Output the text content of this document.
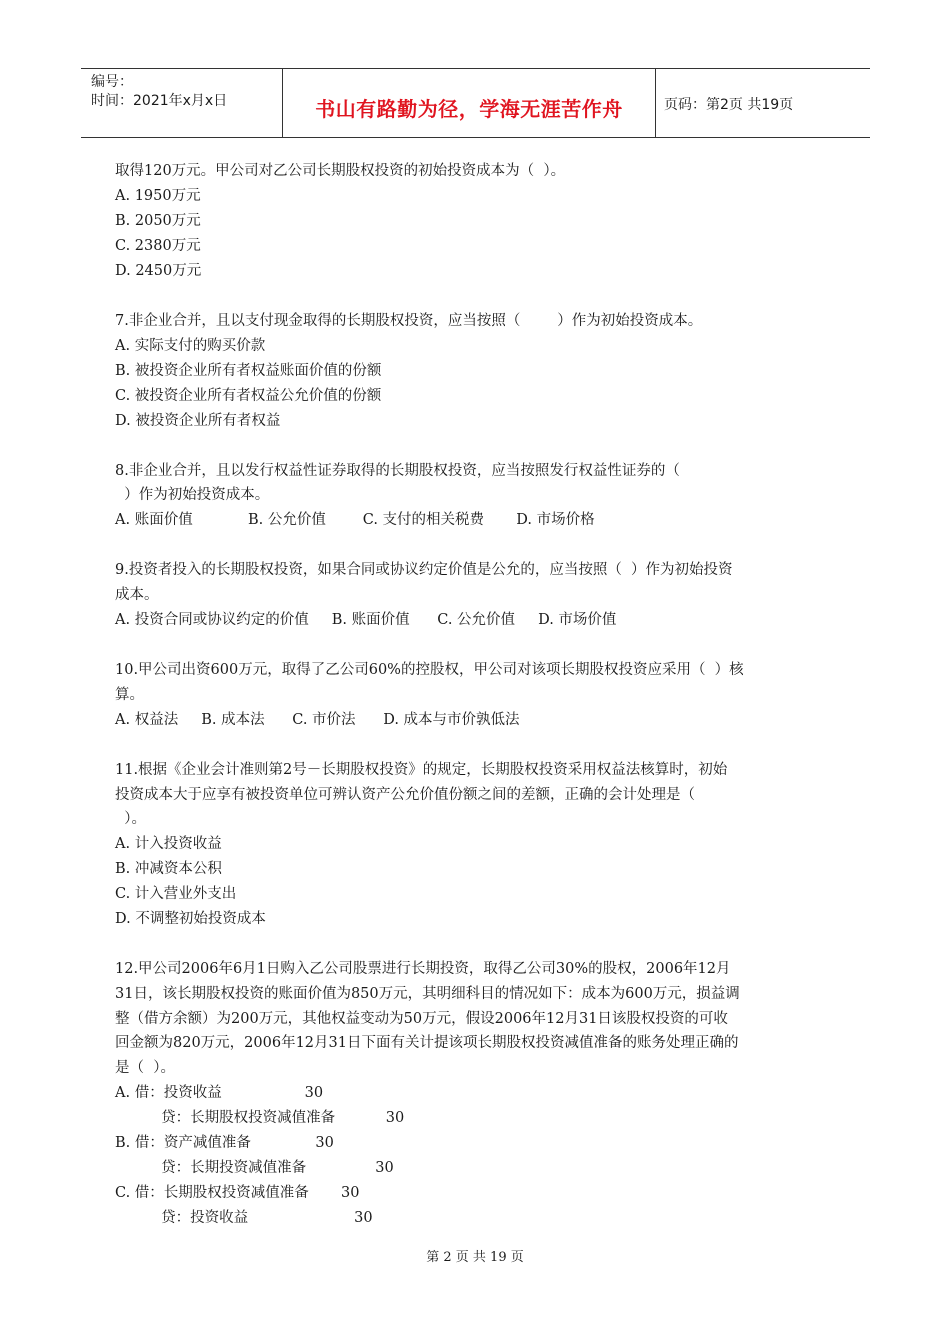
编号：
时间：2021年x月x日	书山有路勤为径，学海无涯苦作舟	页码：第2页 共19页
取得120万元。甲公司对乙公司长期股权投资的初始投资成本为（  ）。
A. 1950万元
B. 2050万元
C. 2380万元
D. 2450万元
7.非企业合并，且以支付现金取得的长期股权投资，应当按照（        ）作为初始投资成本。
A. 实际支付的购买价款
B. 被投资企业所有者权益账面价值的份额
C. 被投资企业所有者权益公允价值的份额
D. 被投资企业所有者权益
8.非企业合并，且以发行权益性证券取得的长期股权投资，应当按照发行权益性证券的（
）作为初始投资成本。
A. 账面价值            B. 公允价值        C. 支付的相关税费       D. 市场价格
9.投资者投入的长期股权投资，如果合同或协议约定价值是公允的，应当按照（  ）作为初始投资
成本。
A. 投资合同或协议约定的价值     B. 账面价值      C. 公允价值     D. 市场价值
10.甲公司出资600万元，取得了乙公司60%的控股权，甲公司对该项长期股权投资应采用（  ）核
算。
A. 权益法     B. 成本法      C. 市价法      D. 成本与市价孰低法
11.根据《企业会计准则第2号－长期股权投资》的规定，长期股权投资采用权益法核算时，初始
投资成本大于应享有被投资单位可辨认资产公允价值份额之间的差额，正确的会计处理是（
）。
A. 计入投资收益
B. 冲减资本公积
C. 计入营业外支出
D. 不调整初始投资成本
12.甲公司2006年6月1日购入乙公司股票进行长期投资，取得乙公司30%的股权，2006年12月
31日，该长期股权投资的账面价值为850万元，其明细科目的情况如下：成本为600万元，损益调
整（借方余额）为200万元，其他权益变动为50万元，假设2006年12月31日该股权投资的可收
回金额为820万元，2006年12月31日下面有关计提该项长期股权投资减值准备的账务处理正确的
是（  ）。
A. 借：投资收益                  30
贷：长期股权投资减值准备           30
B. 借：资产减值准备              30
贷：长期投资减值准备               30
C. 借：长期股权投资减值准备       30
贷：投资收益                       30
第 2 页 共 19 页
